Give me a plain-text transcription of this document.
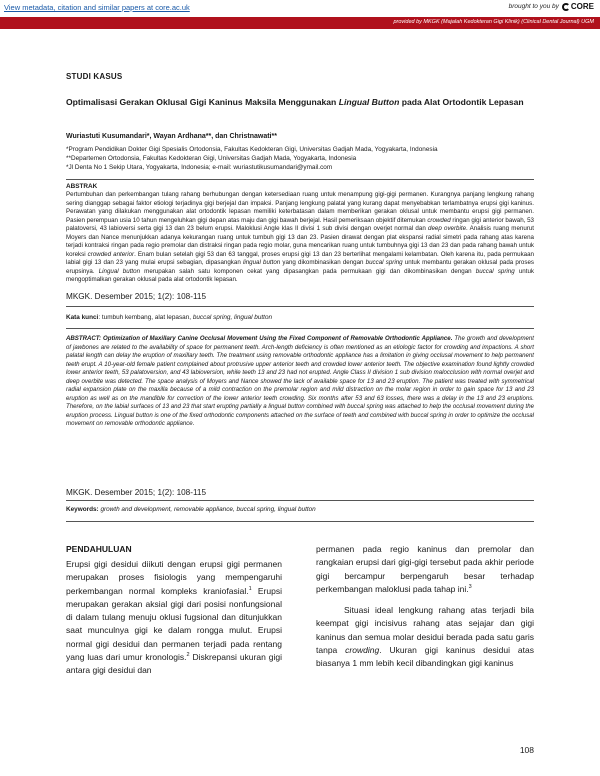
View metadata, citation and similar papers at core.ac.uk	brought to you by CORE
provided by MKGK (Majalah Kedokteran Gigi Klinik) (Clinical Dental Journal) UGM
STUDI KASUS
Optimalisasi Gerakan Oklusal Gigi Kaninus Maksila Menggunakan Lingual Button pada Alat Ortodontik Lepasan
Wuriastuti Kusumandari*, Wayan Ardhana**, dan Christnawati**
*Program Pendidikan Dokter Gigi Spesialis Ortodonsia, Fakultas Kedokteran Gigi, Universitas Gadjah Mada, Yogyakarta, Indonesia
**Departemen Ortodonsia, Fakultas Kedokteran Gigi, Universitas Gadjah Mada, Yogyakarta, Indonesia
*Jl Denta No 1 Sekip Utara, Yogyakarta, Indonesia; e-mail: wuriastutikusumandari@ymail.com
ABSTRAK
Pertumbuhan dan perkembangan tulang rahang berhubungan dengan ketersediaan ruang untuk menampung gigi-gigi permanen. Kurangnya panjang lengkung rahang sering dianggap sebagai faktor etiologi terjadinya gigi berjejal dan impaksi. Panjang lengkung palatal yang kurang dapat menyebabkan terlambatnya erupsi gigi kaninus. Perawatan yang dilakukan menggunakan alat ortodontik lepasan memiliki keterbatasan dalam memberikan gerakan oklusal untuk membantu erupsi gigi permanen. Pasien perempuan usia 10 tahun mengeluhkan gigi depan atas maju dan gigi bawah berjejal. Hasil pemeriksaan objektif ditemukan crowded ringan gigi anterior bawah, 53 palatoversi, 43 labioversi serta gigi 13 dan 23 belum erupsi. Maloklusi Angle klas II divisi 1 sub divisi dengan overjet normal dan deep overbite. Analisis ruang menurut Moyers dan Nance menunjukkan adanya kekurangan ruang untuk tumbuh gigi 13 dan 23. Pasien dirawat dengan plat ekspansi radial simetri pada rahang atas karena terjadi kontraksi ringan pada regio premolar dan distraksi ringan pada regio molar, guna mencarikan ruang untuk tumbuhnya gigi 13 dan 23 dan pada rahang bawah untuk koreksi crowded anterior. Enam bulan setelah gigi 53 dan 63 tanggal, proses erupsi gigi 13 dan 23 berterlihat mengalami kelambatan. Oleh karena itu, pada permukaan labial gigi 13 dan 23 yang mulai erupsi sebagian, dipasangkan lingual button yang dikombinasikan dengan buccal spring untuk membantu gerakan oklusal pada proses erupsinya. Lingual button merupakan salah satu komponen cekat yang dipasangkan pada permukaan gigi dan dikombinasikan dengan buccal spring untuk mengoptimalkan gerakan oklusal pada alat ortodontik lepasan.
MKGK. Desember 2015; 1(2): 108-115
Kata kunci: tumbuh kembang, alat lepasan, buccal spring, lingual button
ABSTRACT: Optimization of Maxillary Canine Occlusal Movement Using the Fixed Component of Removable Orthodontic Appliance. The growth and development of jawbones are related to the availability of space for permanent teeth. Arch-length deficiency is often mentioned as an etiologic factor for crowding and impactions. A short palatal length can delay the eruption of maxillary teeth. The treatment using removable orthodontic appliance has a limitation in giving occlusal movement to help permanent teeth erupt. A 10-year-old female patient complained about protrusive upper anterior teeth and crowded lower anterior teeth. The objective examination found lightly crowded lower anterior teeth, 53 palatoversion, and 43 labioversion, while teeth 13 and 23 had not erupted. Angle Class II division 1 sub division malocclusion with normal overjet and deep overbite was detected. The space analysis of Moyers and Nance showed the lack of available space for 13 and 23 eruption. The patient was treated with symmetrical radial expansion plate on the maxilla because of a mild contraction on the premolar region and mild distraction on the molar region in order to gain space for 13 and 23 eruption as well as on the mandible for correction of the lower anterior teeth crowding. Six months after 53 and 63 losses, there was a delay in the 13 and 23 eruptions. Therefore, on the labial surfaces of 13 and 23 that start erupting partially a lingual button combined with buccal spring was attached to help the occlusal movement during the eruption process. Lingual button is one of the fixed orthodontic components attached on the surface of teeth and combined with buccal spring in order to optimize the occlusal movement on removable orthodontic appliance.
MKGK. Desember 2015; 1(2): 108-115
Keywords: growth and development, removable appliance, buccal spring, lingual button
PENDAHULUAN

Erupsi gigi desidui diikuti dengan erupsi gigi permanen merupakan proses fisiologis yang mempengaruhi perkembangan normal kompleks kraniofasial.$^1$ Erupsi merupakan gerakan aksial gigi dari posisi nonfungsional di dalam tulang menuju oklusi fugsional dan ditunjukkan saat munculnya gigi ke dalam rongga mulut. Erupsi normal gigi desidui dan permanen terjadi pada rentang yang luas dari umur kronologis.$^2$ Diskrepansi ukuran gigi antara gigi desidui dan

permanen pada regio kaninus dan premolar dan rangkaian erupsi dari gigi-gigi tersebut pada akhir periode gigi bercampur berpengaruh besar terhadap perkembangan maloklusi pada tahap ini.$^3$

Situasi ideal lengkung rahang atas terjadi bila keempat gigi incisivus rahang atas sejajar dan gigi kaninus dan semua molar desidui berada pada satu garis tanpa crowding. Ukuran gigi kaninus desidui atas biasanya 1 mm lebih kecil dibandingkan gigi kaninus

108
